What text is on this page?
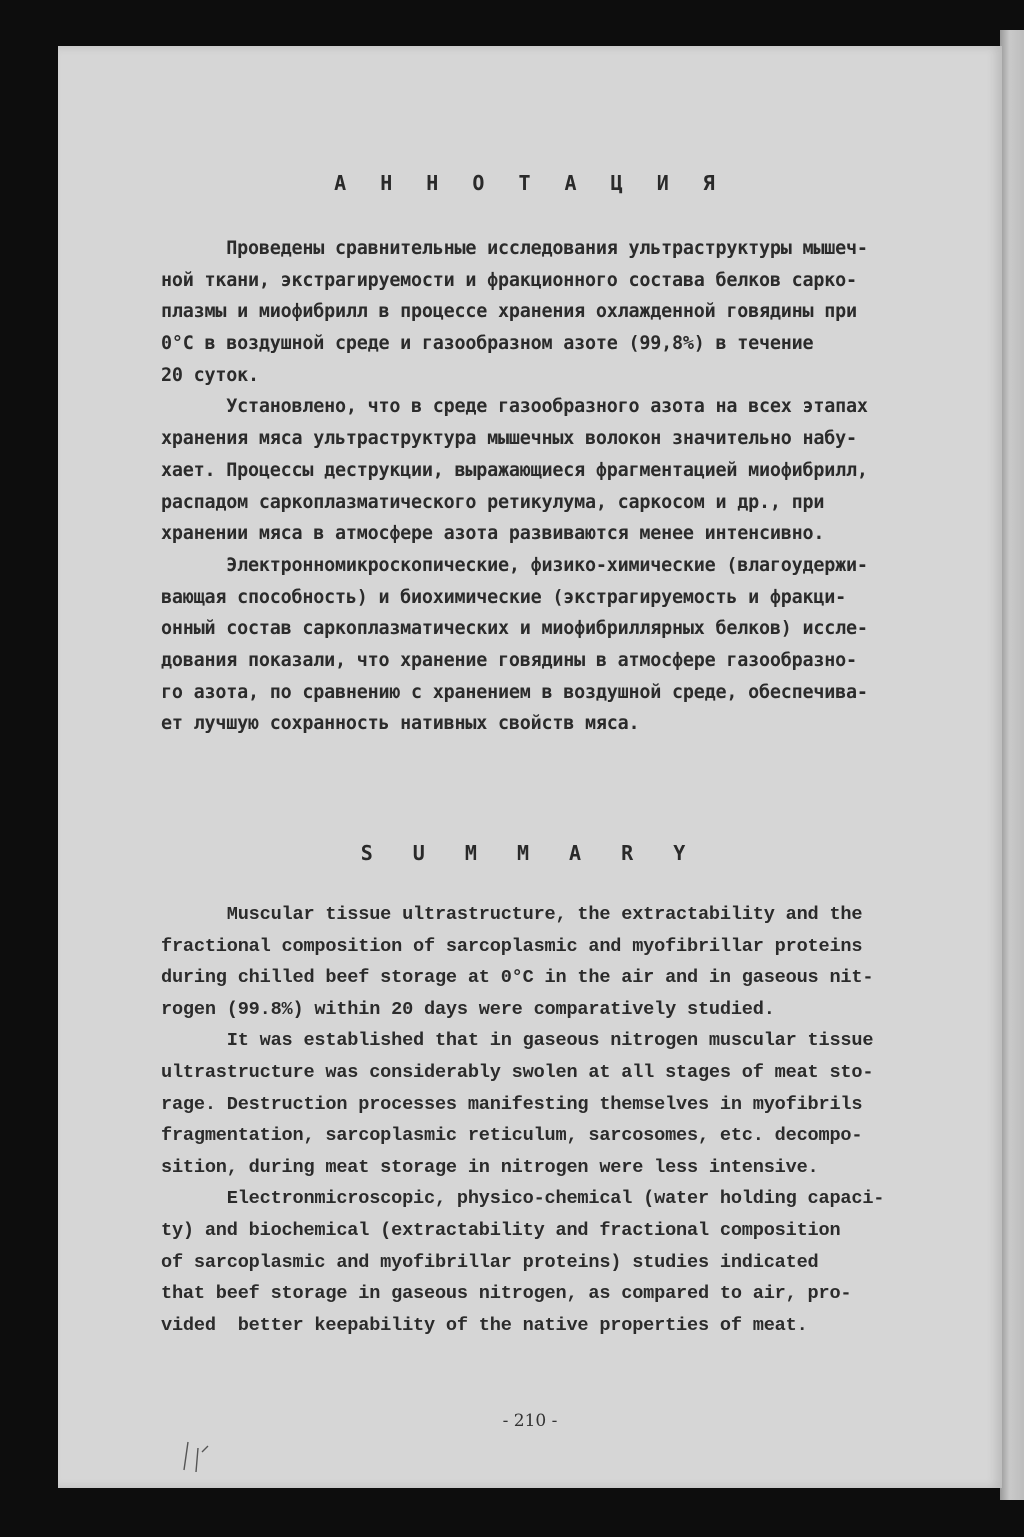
А Н Н О Т А Ц И Я
Проведены сравнительные исследования ультраструктуры мышеч-
ной ткани, экстрагируемости и фракционного состава белков сарко-
плазмы и миофибрилл в процессе хранения охлажденной говядины при
0°С в воздушной среде и газообразном азоте (99,8%) в течение
20 суток.
Установлено, что в среде газообразного азота на всех этапах
хранения мяса ультраструктура мышечных волокон значительно набу-
хает. Процессы деструкции, выражающиеся фрагментацией миофибрилл,
распадом саркоплазматического ретикулума, саркосом и др., при
хранении мяса в атмосфере азота развиваются менее интенсивно.
Электронномикроскопические, физико-химические (влагоудержи-
вающая способность) и биохимические (экстрагируемость и фракци-
онный состав саркоплазматических и миофибриллярных белков) иссле-
дования показали, что хранение говядины в атмосфере газообразно-
го азота, по сравнению с хранением в воздушной среде, обеспечива-
ет лучшую сохранность нативных свойств мяса.
S U M M A R Y
Muscular tissue ultrastructure, the extractability and the
fractional composition of sarcoplasmic and myofibrillar proteins
during chilled beef storage at 0°C in the air and in gaseous nit-
rogen (99.8%) within 20 days were comparatively studied.
It was established that in gaseous nitrogen muscular tissue
ultrastructure was considerably swolen at all stages of meat sto-
rage. Destruction processes manifesting themselves in myofibrils
fragmentation, sarcoplasmic reticulum, sarcosomes, etc. decompo-
sition, during meat storage in nitrogen were less intensive.
Electronmicroscopic, physico-chemical (water holding capaci-
ty) and biochemical (extractability and fractional composition
of sarcoplasmic and myofibrillar proteins) studies indicated
that beef storage in gaseous nitrogen, as compared to air, pro-
vided  better keepability of the native properties of meat.
- 210 -
